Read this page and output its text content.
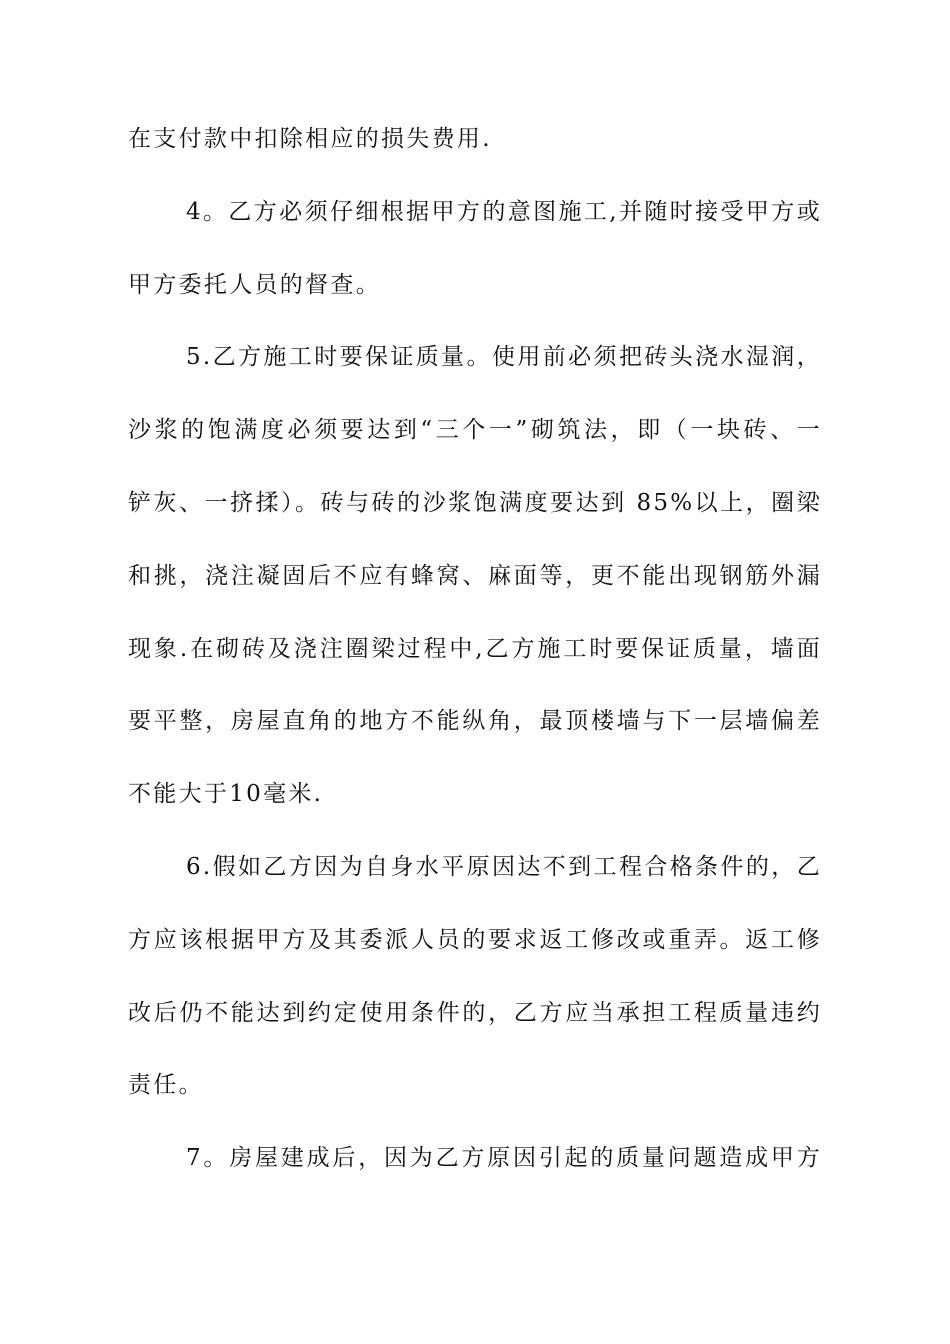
在支付款中扣除相应的损失费用.
4。乙方必须仔细根据甲方的意图施工,并随时接受甲方或
甲方委托人员的督查。
5.乙方施工时要保证质量。使用前必须把砖头浇水湿润，
沙浆的饱满度必须要达到“三个一”砌筑法，即（一块砖、一
铲灰、一挤揉）。砖与砖的沙浆饱满度要达到 85%以上，圈梁
和挑，浇注凝固后不应有蜂窝、麻面等，更不能出现钢筋外漏
现象.在砌砖及浇注圈梁过程中,乙方施工时要保证质量，墙面
要平整，房屋直角的地方不能纵角，最顶楼墙与下一层墙偏差
不能大于10毫米.
6.假如乙方因为自身水平原因达不到工程合格条件的，乙
方应该根据甲方及其委派人员的要求返工修改或重弄。返工修
改后仍不能达到约定使用条件的，乙方应当承担工程质量违约
责任。
7。房屋建成后，因为乙方原因引起的质量问题造成甲方
